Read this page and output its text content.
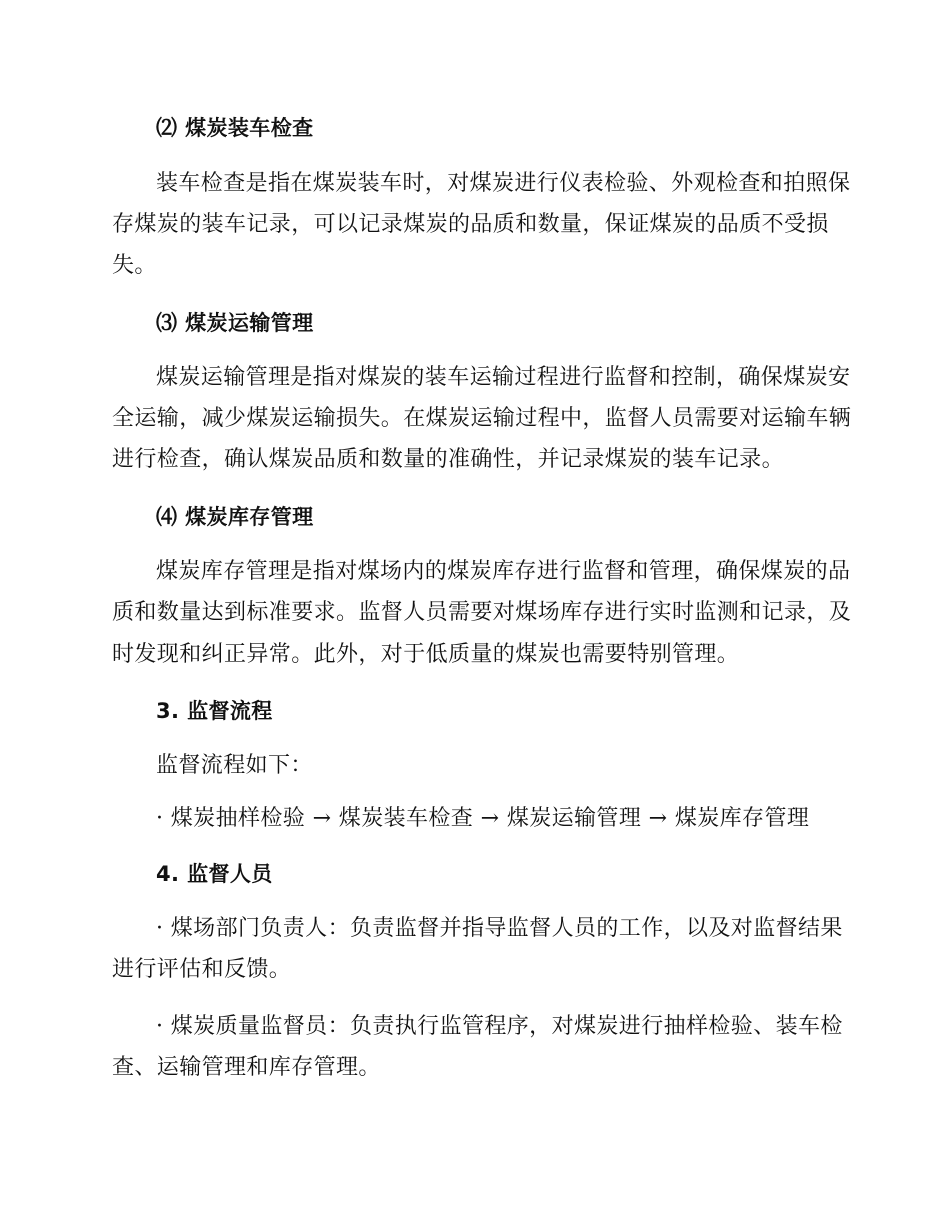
⑵ 煤炭装车检查
装车检查是指在煤炭装车时，对煤炭进行仪表检验、外观检查和拍照保
存煤炭的装车记录，可以记录煤炭的品质和数量，保证煤炭的品质不受损
失。
⑶ 煤炭运输管理
煤炭运输管理是指对煤炭的装车运输过程进行监督和控制，确保煤炭安
全运输，减少煤炭运输损失。在煤炭运输过程中，监督人员需要对运输车辆
进行检查，确认煤炭品质和数量的准确性，并记录煤炭的装车记录。
⑷ 煤炭库存管理
煤炭库存管理是指对煤场内的煤炭库存进行监督和管理，确保煤炭的品
质和数量达到标准要求。监督人员需要对煤场库存进行实时监测和记录，及
时发现和纠正异常。此外，对于低质量的煤炭也需要特别管理。
3. 监督流程
监督流程如下：
· 煤炭抽样检验 → 煤炭装车检查 → 煤炭运输管理 → 煤炭库存管理
4. 监督人员
· 煤场部门负责人：负责监督并指导监督人员的工作，以及对监督结果
进行评估和反馈。
· 煤炭质量监督员：负责执行监管程序，对煤炭进行抽样检验、装车检
查、运输管理和库存管理。
